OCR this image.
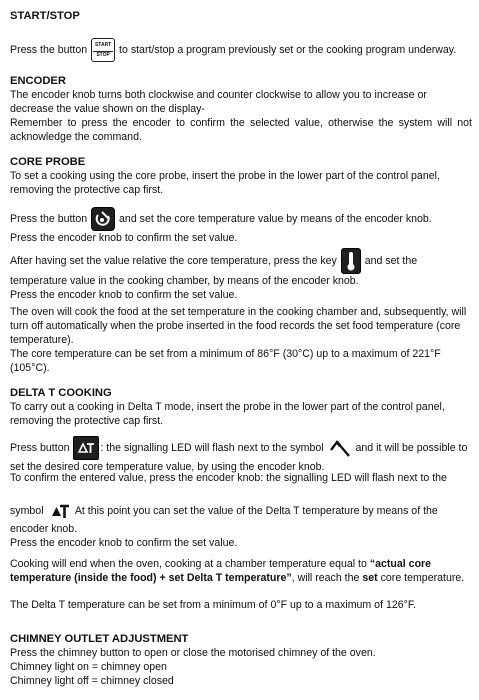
START/STOP

Press the button START
STOP to start/stop a program previously set or the cooking program underway.

ENCODER

The encoder knob turns both clockwise and counter clockwise to allow you to increase or decrease the value shown on the display-

Remember to press the encoder to confirm the selected value, otherwise the system will not acknowledge the command.

CORE PROBE

To set a cooking using the core probe, insert the probe in the lower part of the control panel, removing the protective cap first.

Press the button
and set the core temperature value by means of the encoder knob.
Press the encoder knob to confirm the set value.

After having set the value relative the core temperature, press the key
and set the temperature value in the cooking chamber, by means of the encoder knob.
Press the encoder knob to confirm the set value.

The oven will cook the food at the set temperature in the cooking chamber and, subsequently, will turn off automatically when the probe inserted in the food records the set food temperature (core temperature).

The core temperature can be set from a minimum of 86°F (30°C) up to a maximum of 221°F (105°C).

DELTA T COOKING

To carry out a cooking in Delta T mode, insert the probe in the lower part of the control panel, removing the protective cap first.

Press button	: the signalling LED will flash next to the symbol
and it will be possible to set the desired core temperature value, by using the encoder knob.

To confirm the entered value, press the encoder knob: the signalling LED will flash next to the

symbol
At this point you can set the value of the Delta T temperature by means of the encoder knob.
Press the encoder knob to confirm the set value.

Cooking will end when the oven, cooking at a chamber temperature equal to “actual core temperature (inside the food) + set Delta T temperature”, will reach the set core temperature.

The Delta T temperature can be set from a minimum of 0°F up to a maximum of 126°F.

CHIMNEY OUTLET ADJUSTMENT

Press the chimney button to open or close the motorised chimney of the oven.

Chimney light on = chimney open

Chimney light off = chimney closed
